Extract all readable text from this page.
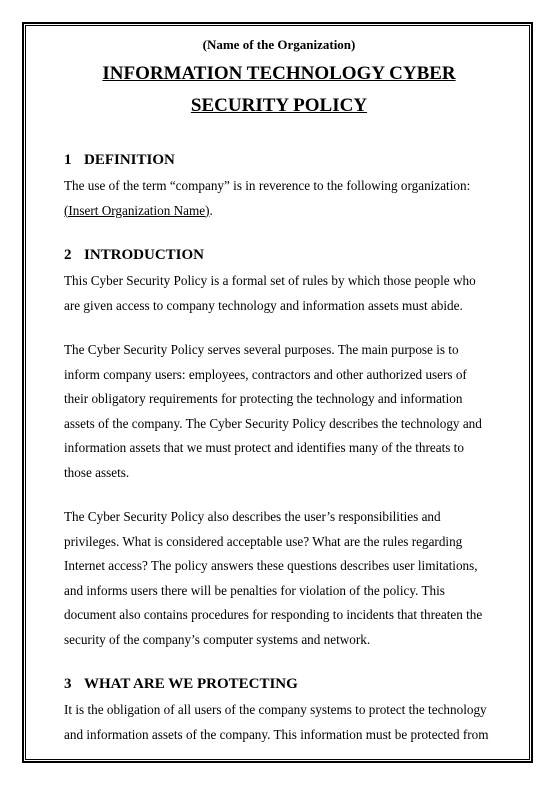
(Name of the Organization)
INFORMATION TECHNOLOGY CYBER
SECURITY POLICY
1 DEFINITION
The use of the term “company” is in reverence to the following organization: (Insert Organization Name).
2 INTRODUCTION
This Cyber Security Policy is a formal set of rules by which those people who are given access to company technology and information assets must abide.
The Cyber Security Policy serves several purposes. The main purpose is to inform company users: employees, contractors and other authorized users of their obligatory requirements for protecting the technology and information assets of the company. The Cyber Security Policy describes the technology and information assets that we must protect and identifies many of the threats to those assets.
The Cyber Security Policy also describes the user’s responsibilities and privileges. What is considered acceptable use? What are the rules regarding Internet access? The policy answers these questions describes user limitations, and informs users there will be penalties for violation of the policy. This document also contains procedures for responding to incidents that threaten the security of the company’s computer systems and network.
3 WHAT ARE WE PROTECTING
It is the obligation of all users of the company systems to protect the technology and information assets of the company. This information must be protected from
